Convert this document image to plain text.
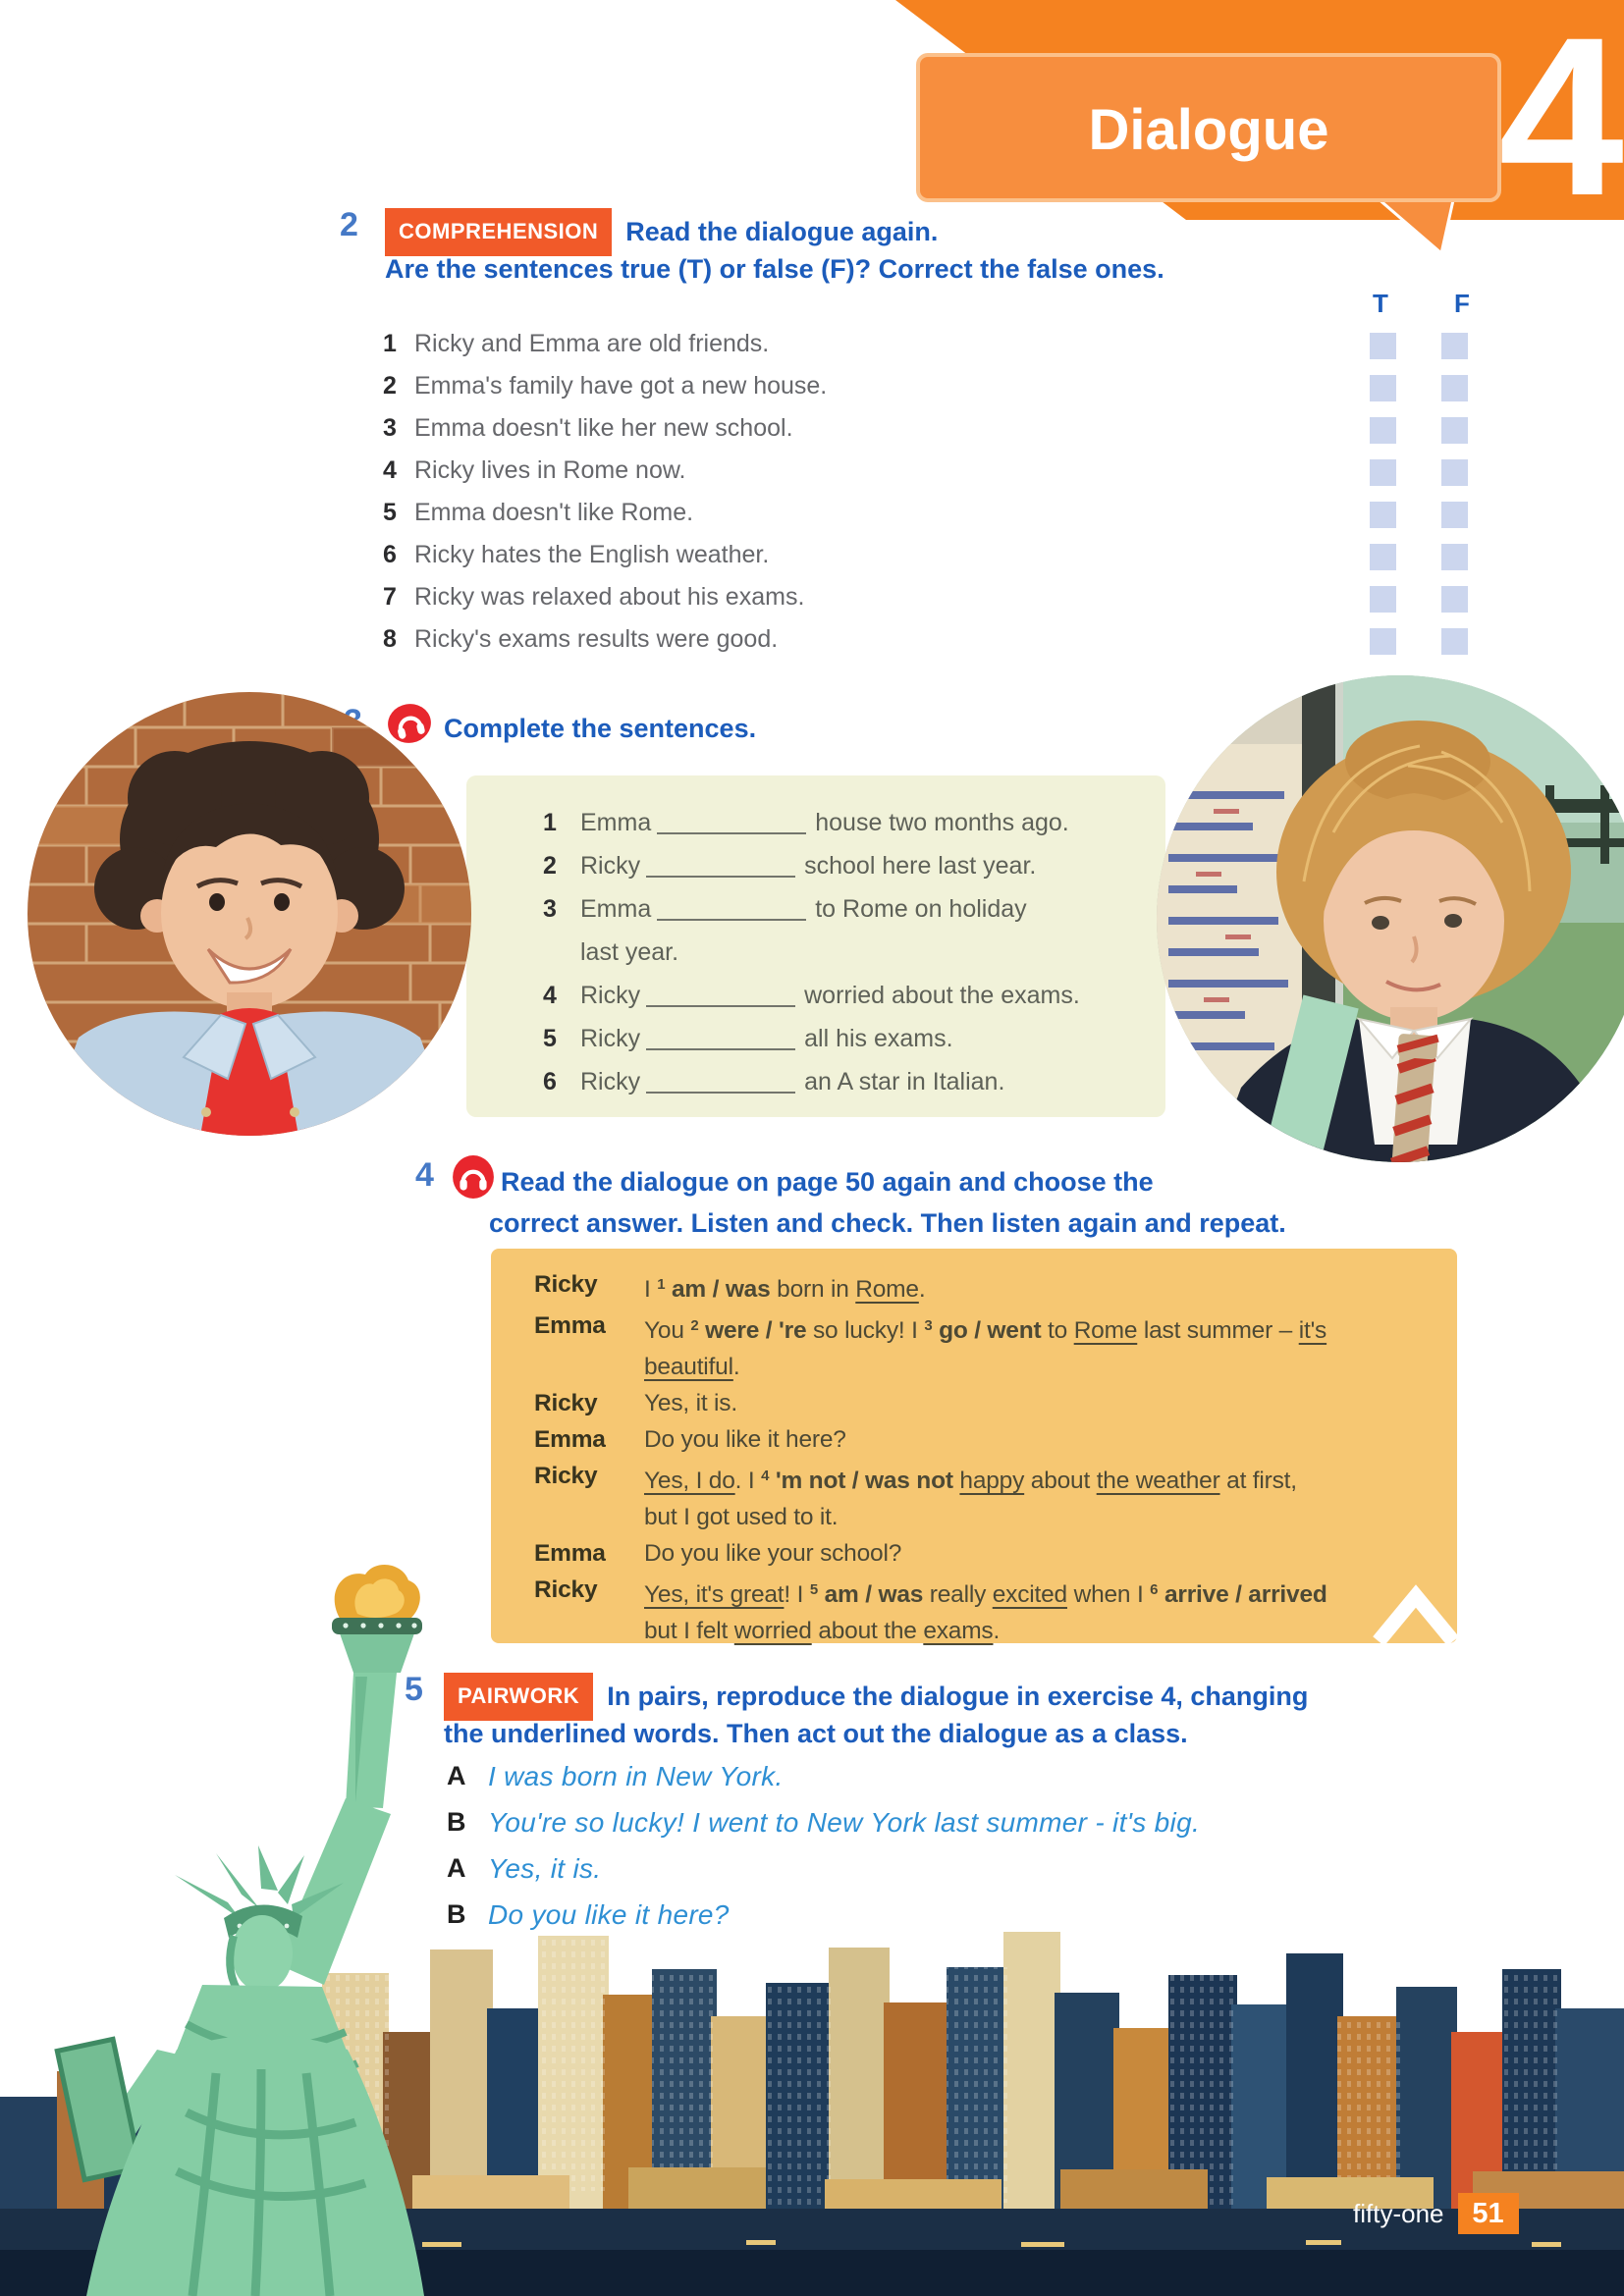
Dialogue 4
2	COMPREHENSION Read the dialogue again.
Are the sentences true (T) or false (F)? Correct the false ones.
T	F
1 Ricky and Emma are old friends.
2 Emma's family have got a new house.
3 Emma doesn't like her new school.
4 Ricky lives in Rome now.
5 Emma doesn't like Rome.
6 Ricky hates the English weather.
7 Ricky was relaxed about his exams.
8 Ricky's exams results were good.
Complete the sentences.
1 Emma	house two months ago.
2 Ricky	school here last year.
3 Emma	to Rome on holiday
last year.
4 Ricky	worried about the exams.
5 Ricky	all his exams.
6 Ricky	an A star in Italian.
4	Read the dialogue on page 50 again and choose the
correct answer. Listen and check. Then listen again and repeat.
Ricky	I $^1$ am / was born in Rome.
Emma	You $^2$ were / 're so lucky! I $^3$ go / went to Rome last summer – it's
beautiful.
Ricky	Yes, it is.
Emma	Do you like it here?
Ricky	Yes, I do. I $^4$ 'm not / was not happy about the weather at first,
but I got used to it.
Emma	Do you like your school?
Ricky	Yes, it's great! I $^5$ am / was really excited when I $^6$ arrive / arrived
but I felt worried about the exams.
5	PAIRWORK In pairs, reproduce the dialogue in exercise 4, changing
the underlined words. Then act out the dialogue as a class.
A I was born in New York.
B You're so lucky! I went to New York last summer - it's big.
A Yes, it is.
B Do you like it here?
fifty-one 51
